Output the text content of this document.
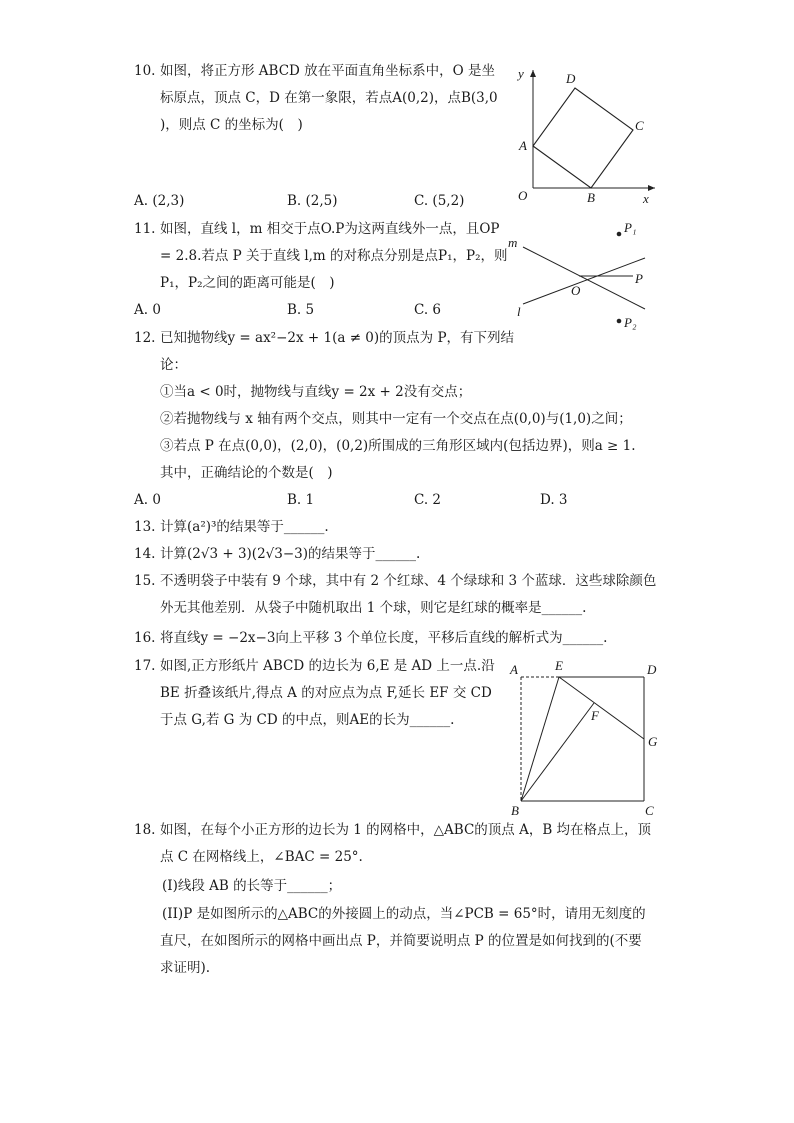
10. 如图，将正方形 ABCD 放在平面直角坐标系中，O 是坐
标原点，顶点 C，D 在第一象限，若点A(0,2)，点B(3,0
)，则点 C 的坐标为(　)
A. (2,3)	B. (2,5)	C. (5,2)
y
x
O
A
B
C
D
11. 如图，直线 l，m 相交于点O.P为这两直线外一点，且OP
= 2.8.若点 P 关于直线 l,m 的对称点分别是点P₁，P₂，则
P₁，P₂之间的距离可能是(　)
A. 0	B. 5	C. 6
m
l
O
P
P₁
P₂
12. 已知抛物线y = ax²−2x + 1(a ≠ 0)的顶点为 P，有下列结
论：
①当a < 0时，抛物线与直线y = 2x + 2没有交点；
②若抛物线与 x 轴有两个交点，则其中一定有一个交点在点(0,0)与(1,0)之间；
③若点 P 在点(0,0)，(2,0)，(0,2)所围成的三角形区域内(包括边界)，则a ≥ 1.
其中，正确结论的个数是(　)
A. 0	B. 1	C. 2	D. 3
13. 计算(a²)³的结果等于______.
14. 计算(2√3 + 3)(2√3−3)的结果等于______.
15. 不透明袋子中装有 9 个球，其中有 2 个红球、4 个绿球和 3 个蓝球．这些球除颜色
外无其他差别．从袋子中随机取出 1 个球，则它是红球的概率是______.
16. 将直线y = −2x−3向上平移 3 个单位长度，平移后直线的解析式为______.
17. 如图,正方形纸片 ABCD 的边长为 6,E 是 AD 上一点.沿
BE 折叠该纸片,得点 A 的对应点为点 F,延长 EF 交 CD
于点 G,若 G 为 CD 的中点，则AE的长为______.
A	E	D
F
G
B	C
18. 如图，在每个小正方形的边长为 1 的网格中，△ABC的顶点 A，B 均在格点上，顶
点 C 在网格线上，∠BAC = 25°.
(I)线段 AB 的长等于______；
(II)P 是如图所示的△ABC的外接圆上的动点，当∠PCB = 65°时，请用无刻度的
直尺，在如图所示的网格中画出点 P，并简要说明点 P 的位置是如何找到的(不要
求证明).
